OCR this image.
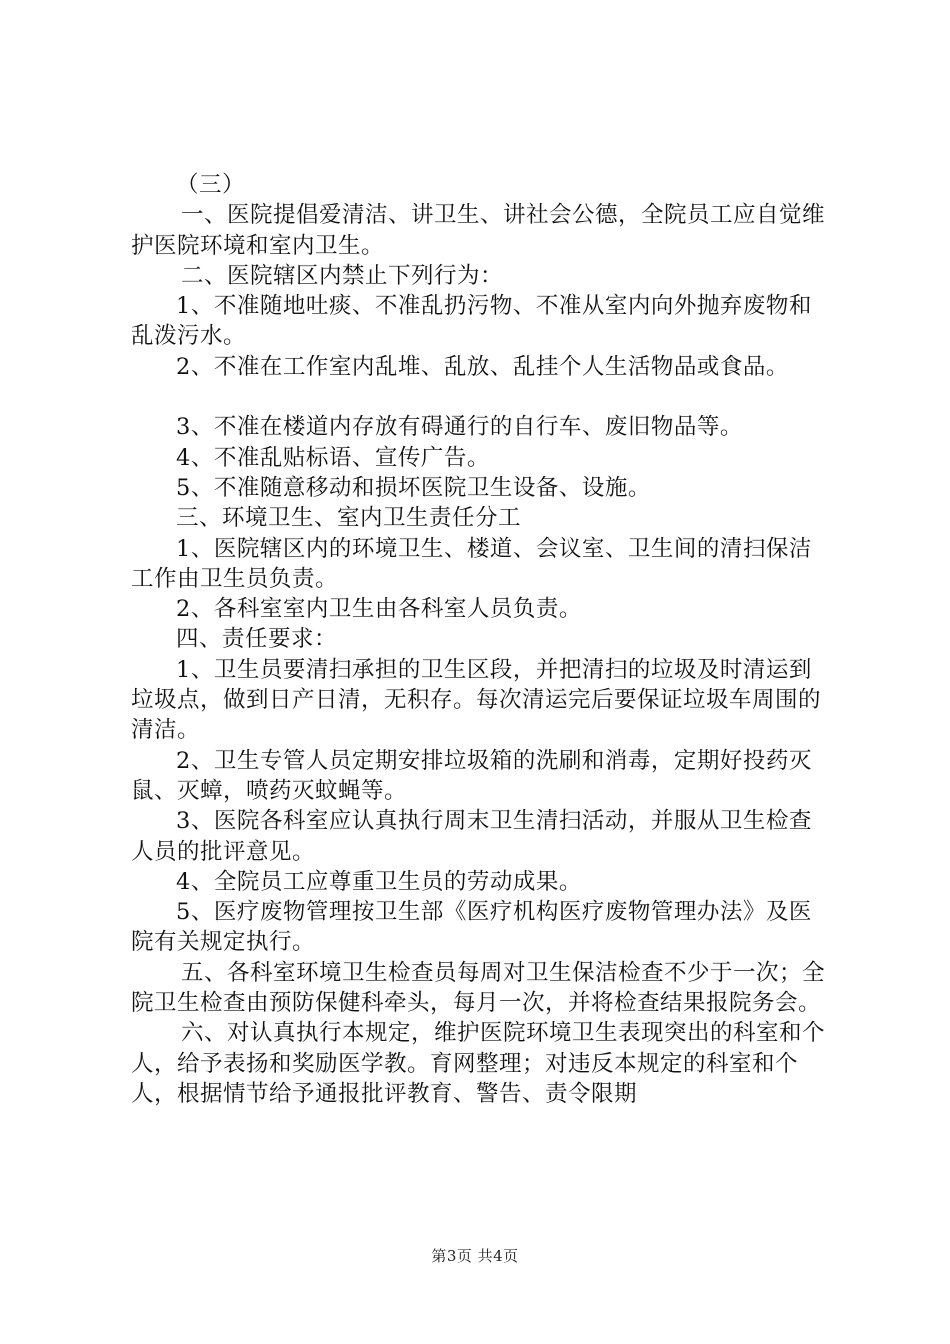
（三）

一、医院提倡爱清洁、讲卫生、讲社会公德，全院员工应自觉维护医院环境和室内卫生。

二、医院辖区内禁止下列行为：

1、不准随地吐痰、不准乱扔污物、不准从室内向外抛弃废物和乱泼污水。

2、不准在工作室内乱堆、乱放、乱挂个人生活物品或食品。

3、不准在楼道内存放有碍通行的自行车、废旧物品等。

4、不准乱贴标语、宣传广告。

5、不准随意移动和损坏医院卫生设备、设施。

三、环境卫生、室内卫生责任分工

1、医院辖区内的环境卫生、楼道、会议室、卫生间的清扫保洁工作由卫生员负责。

2、各科室室内卫生由各科室人员负责。

四、责任要求：

1、卫生员要清扫承担的卫生区段，并把清扫的垃圾及时清运到垃圾点，做到日产日清，无积存。每次清运完后要保证垃圾车周围的清洁。

2、卫生专管人员定期安排垃圾箱的洗刷和消毒，定期好投药灭鼠、灭蟑，喷药灭蚊蝇等。

3、医院各科室应认真执行周末卫生清扫活动，并服从卫生检查人员的批评意见。

4、全院员工应尊重卫生员的劳动成果。

5、医疗废物管理按卫生部《医疗机构医疗废物管理办法》及医院有关规定执行。

五、各科室环境卫生检查员每周对卫生保洁检查不少于一次；全院卫生检查由预防保健科牵头，每月一次，并将检查结果报院务会。

六、对认真执行本规定，维护医院环境卫生表现突出的科室和个人，给予表扬和奖励医学教。育网整理；对违反本规定的科室和个人，根据情节给予通报批评教育、警告、责令限期

第3页 共4页
